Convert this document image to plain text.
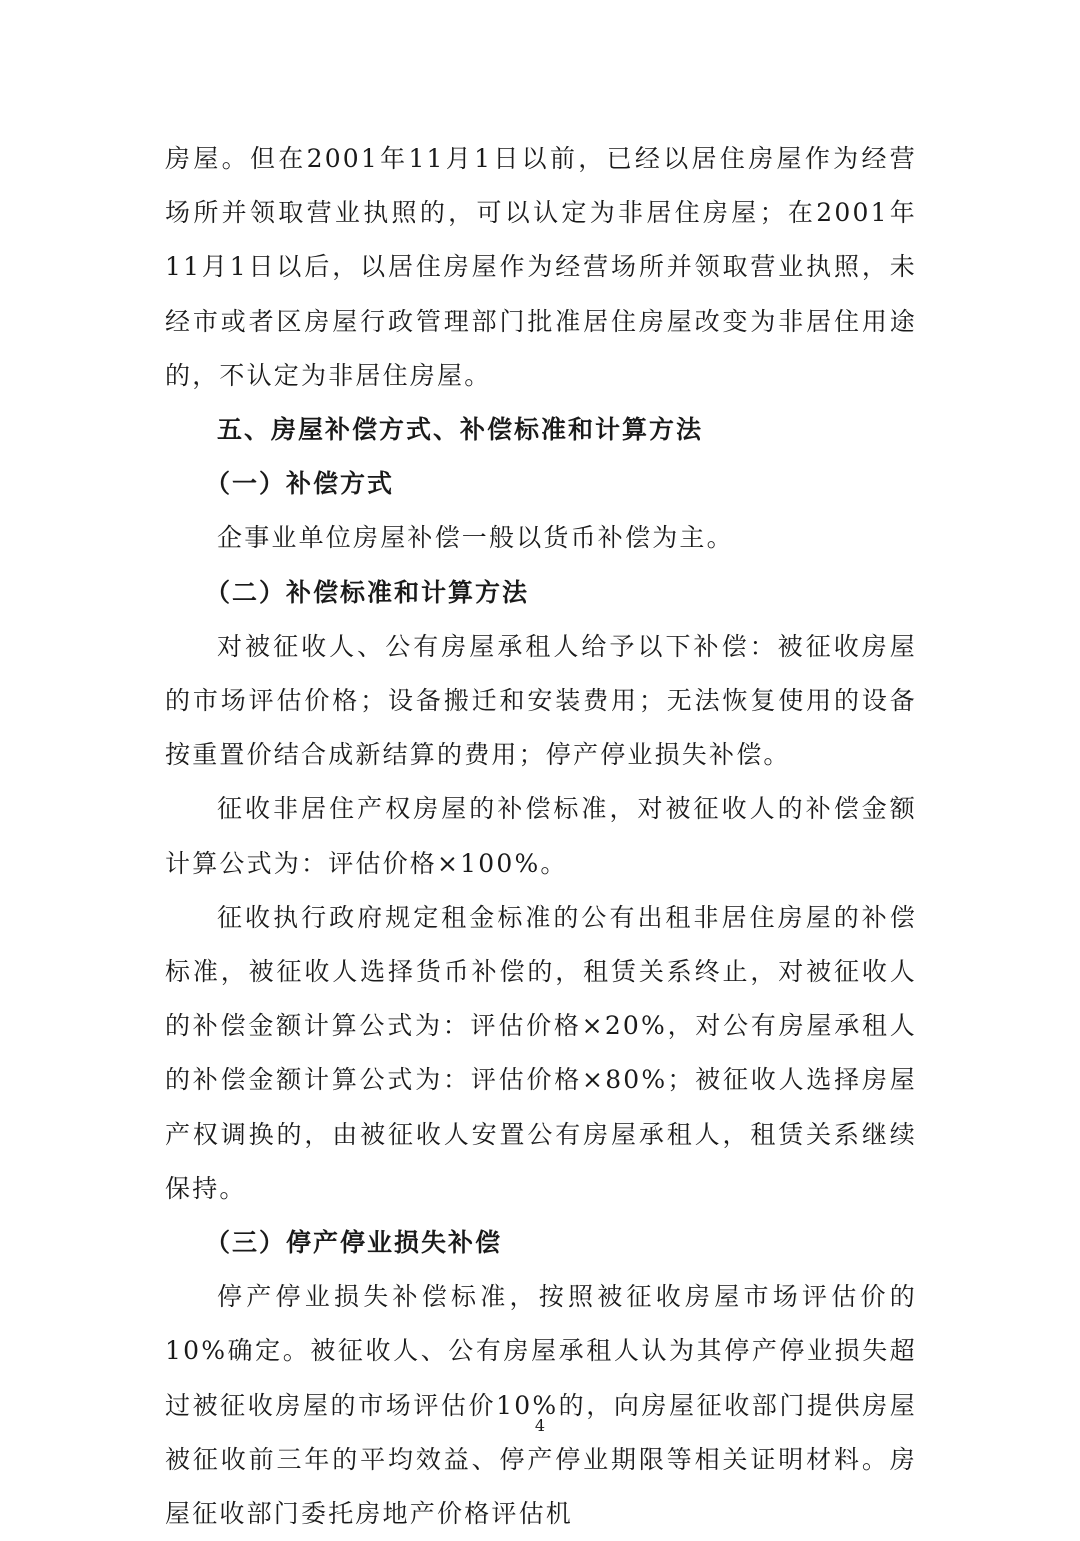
房屋。但在2001年11月1日以前，已经以居住房屋作为经营场所并领取营业执照的，可以认定为非居住房屋；在2001年11月1日以后，以居住房屋作为经营场所并领取营业执照，未经市或者区房屋行政管理部门批准居住房屋改变为非居住用途的，不认定为非居住房屋。

五、房屋补偿方式、补偿标准和计算方法

（一）补偿方式

企事业单位房屋补偿一般以货币补偿为主。

（二）补偿标准和计算方法

对被征收人、公有房屋承租人给予以下补偿：被征收房屋的市场评估价格；设备搬迁和安装费用；无法恢复使用的设备按重置价结合成新结算的费用；停产停业损失补偿。

征收非居住产权房屋的补偿标准，对被征收人的补偿金额计算公式为：评估价格×100%。

征收执行政府规定租金标准的公有出租非居住房屋的补偿标准，被征收人选择货币补偿的，租赁关系终止，对被征收人的补偿金额计算公式为：评估价格×20%，对公有房屋承租人的补偿金额计算公式为：评估价格×80%；被征收人选择房屋产权调换的，由被征收人安置公有房屋承租人，租赁关系继续保持。

（三）停产停业损失补偿

停产停业损失补偿标准，按照被征收房屋市场评估价的10%确定。被征收人、公有房屋承租人认为其停产停业损失超过被征收房屋的市场评估价10%的，向房屋征收部门提供房屋被征收前三年的平均效益、停产停业期限等相关证明材料。房屋征收部门委托房地产价格评估机

4
